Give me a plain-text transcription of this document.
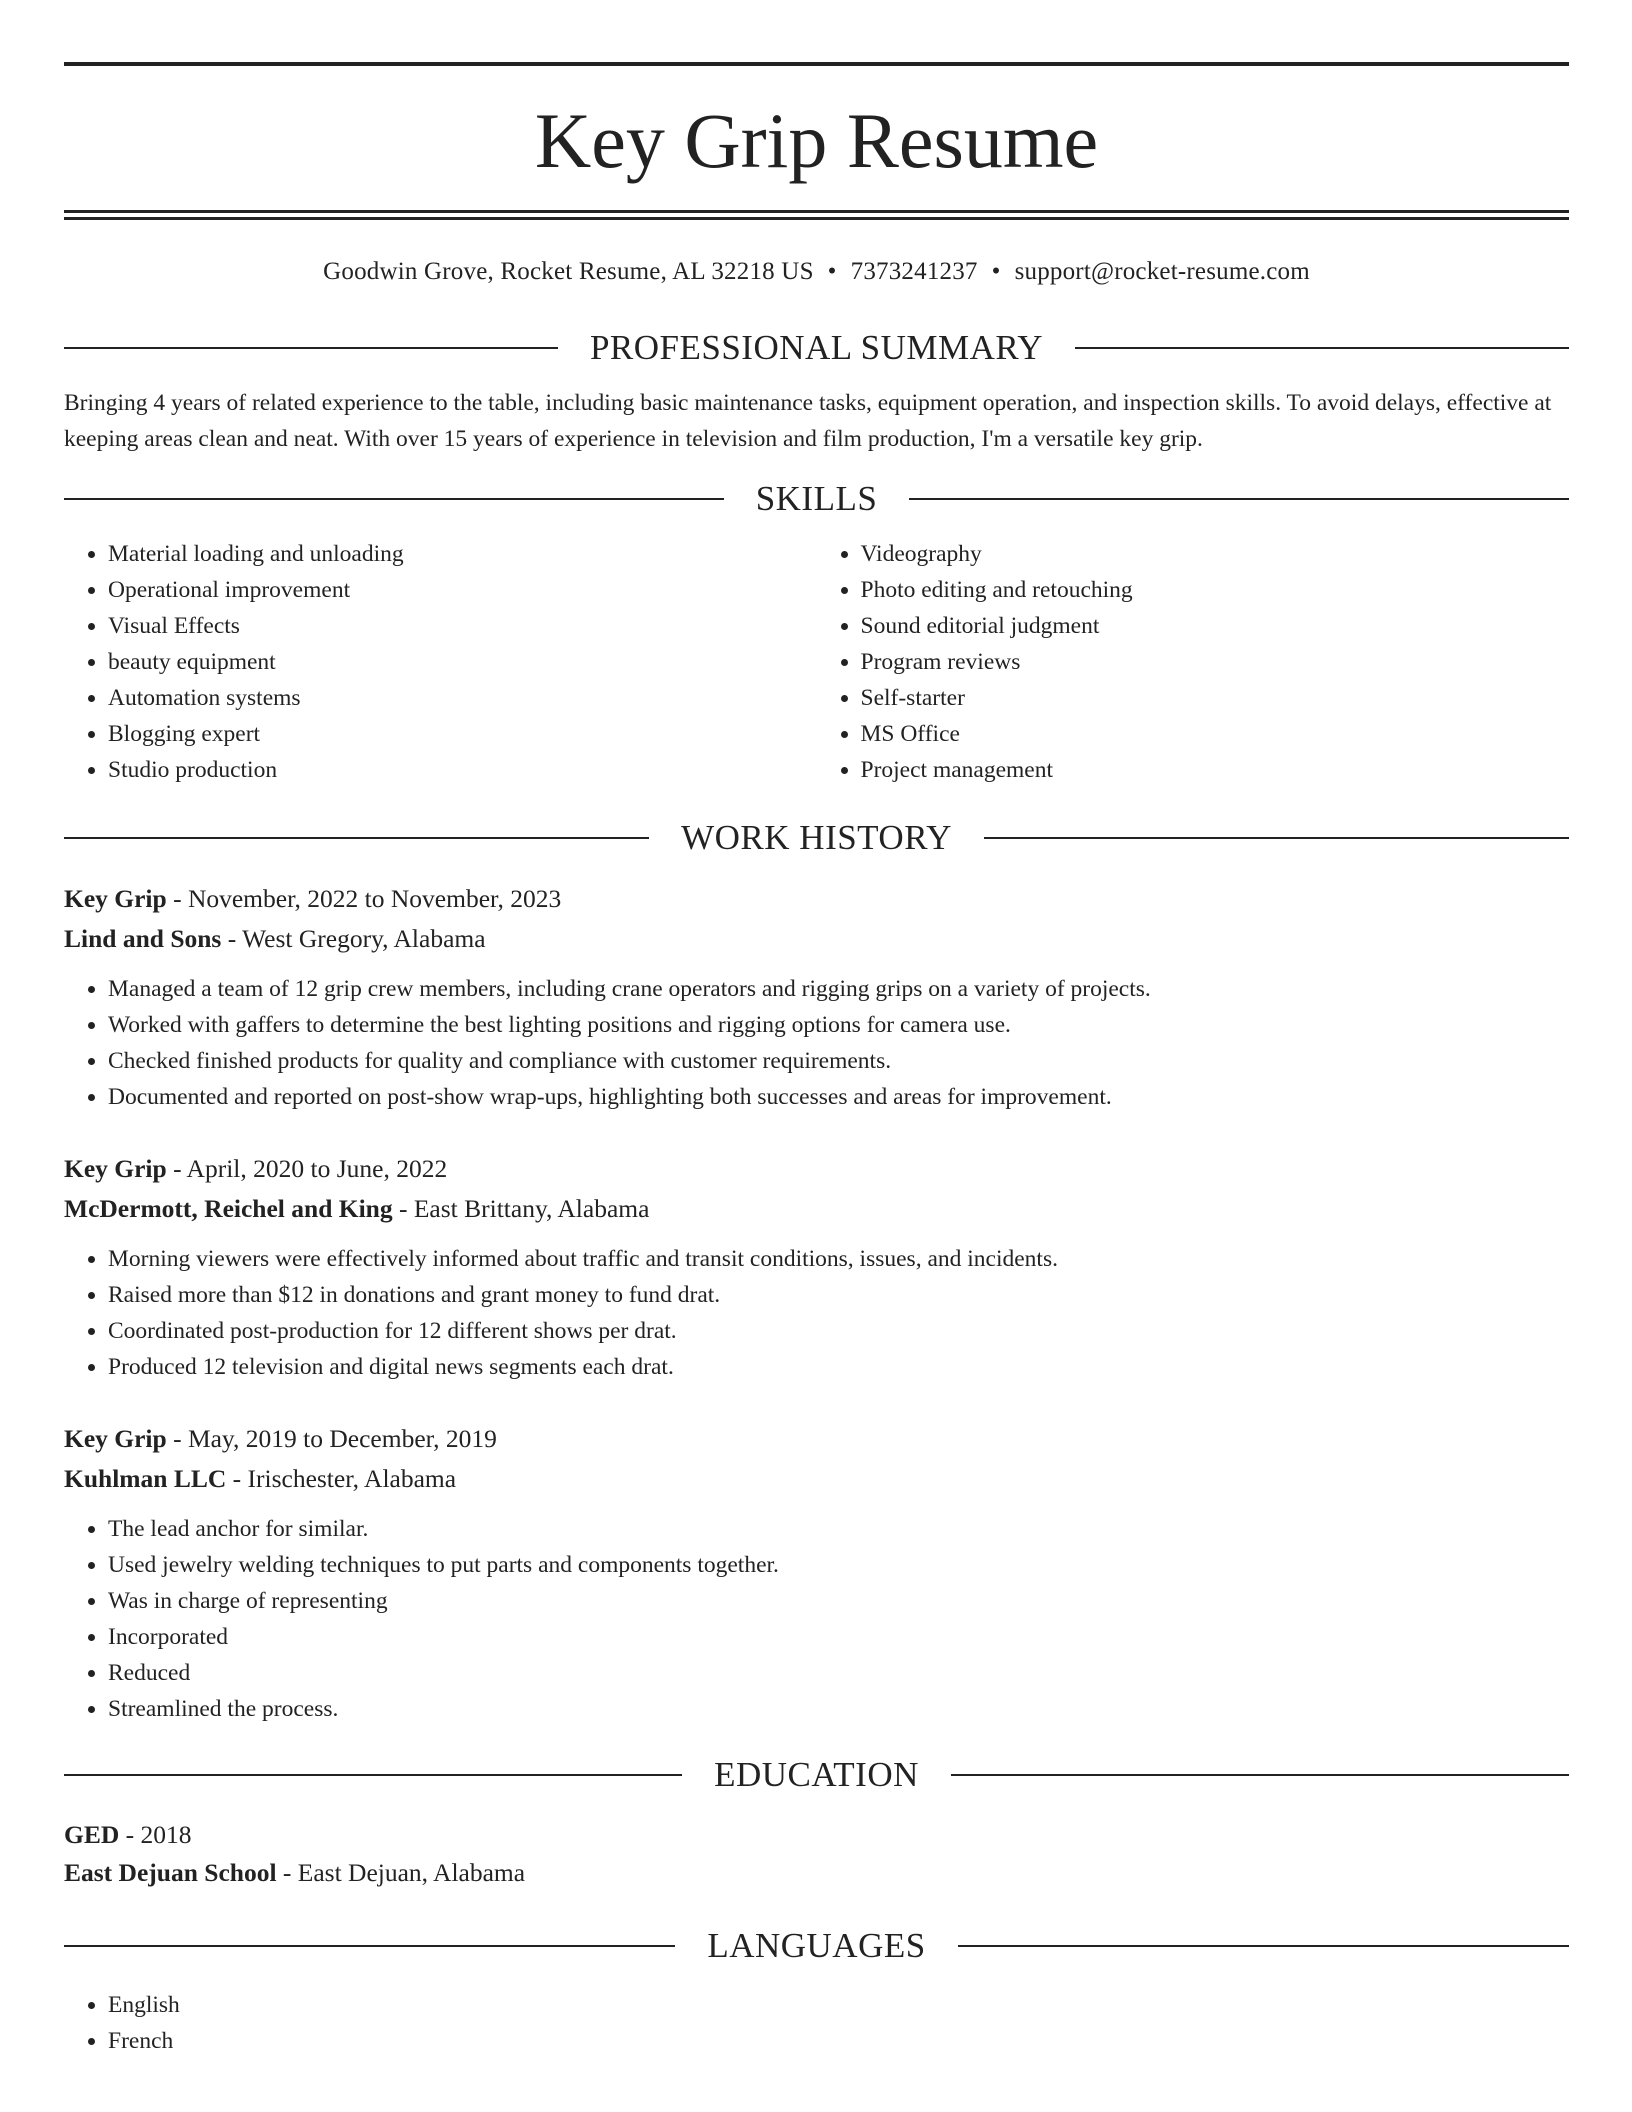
Key Grip Resume
Goodwin Grove, Rocket Resume, AL 32218 US • 7373241237 • support@rocket-resume.com
PROFESSIONAL SUMMARY

Bringing 4 years of related experience to the table, including basic maintenance tasks, equipment operation, and inspection skills. To avoid delays, effective at keeping areas clean and neat. With over 15 years of experience in television and film production, I'm a versatile key grip.

SKILLS
• Material loading and unloading
• Operational improvement
• Visual Effects
• beauty equipment
• Automation systems
• Blogging expert
• Studio production
• Videography
• Photo editing and retouching
• Sound editorial judgment
• Program reviews
• Self-starter
• MS Office
• Project management
WORK HISTORY
Key Grip - November, 2022 to November, 2023
Lind and Sons - West Gregory, Alabama
• Managed a team of 12 grip crew members, including crane operators and rigging grips on a variety of projects.
• Worked with gaffers to determine the best lighting positions and rigging options for camera use.
• Checked finished products for quality and compliance with customer requirements.
• Documented and reported on post-show wrap-ups, highlighting both successes and areas for improvement.
Key Grip - April, 2020 to June, 2022
McDermott, Reichel and King - East Brittany, Alabama
• Morning viewers were effectively informed about traffic and transit conditions, issues, and incidents.
• Raised more than $12 in donations and grant money to fund drat.
• Coordinated post-production for 12 different shows per drat.
• Produced 12 television and digital news segments each drat.
Key Grip - May, 2019 to December, 2019
Kuhlman LLC - Irischester, Alabama
• The lead anchor for similar.
• Used jewelry welding techniques to put parts and components together.
• Was in charge of representing
• Incorporated
• Reduced
• Streamlined the process.
EDUCATION
GED - 2018
East Dejuan School - East Dejuan, Alabama
LANGUAGES
• English
• French
